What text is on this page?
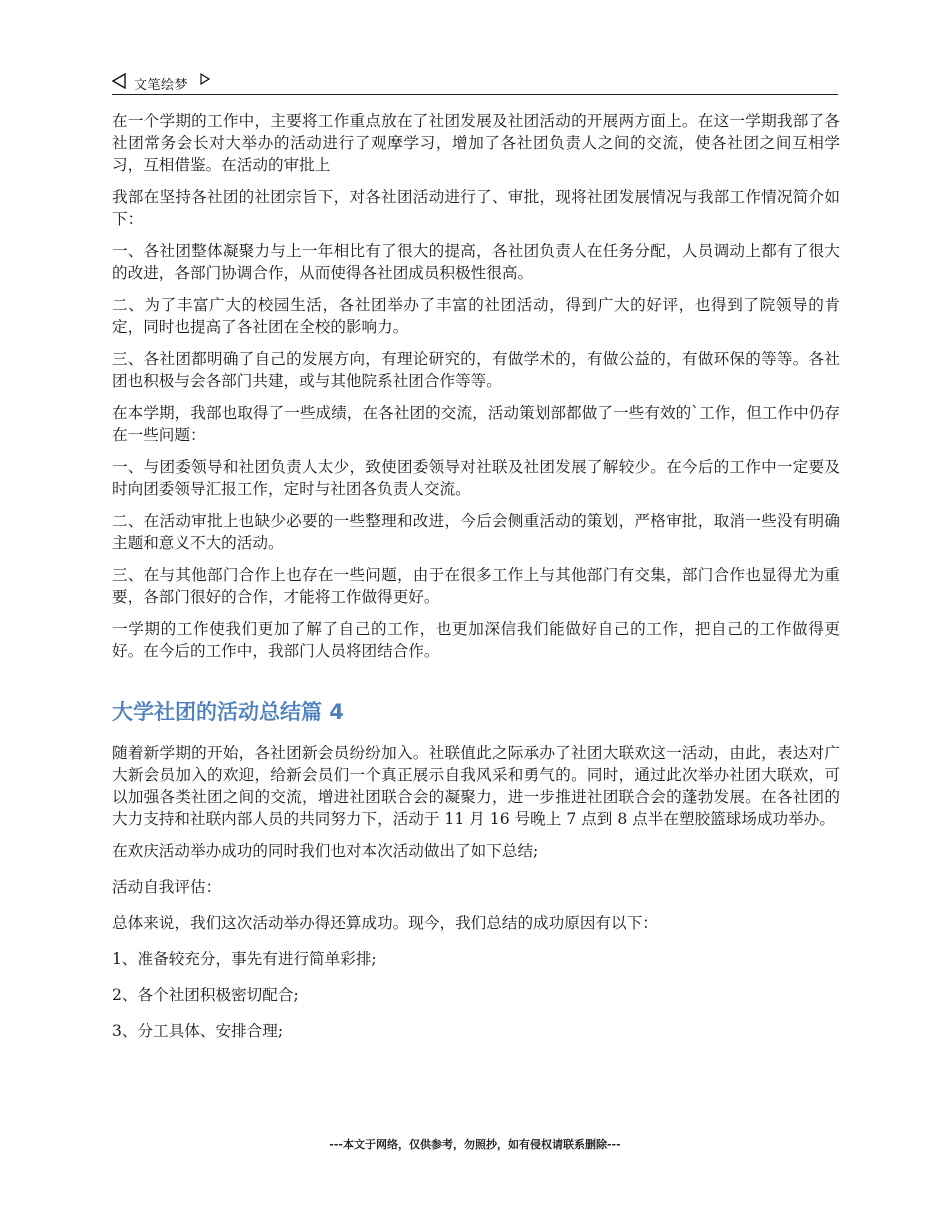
文笔绘梦

在一个学期的工作中，主要将工作重点放在了社团发展及社团活动的开展两方面上。在这一学期我部了各社团常务会长对大举办的活动进行了观摩学习，增加了各社团负责人之间的交流，使各社团之间互相学习，互相借鉴。在活动的审批上

我部在坚持各社团的社团宗旨下，对各社团活动进行了、审批，现将社团发展情况与我部工作情况简介如下：

一、各社团整体凝聚力与上一年相比有了很大的提高，各社团负责人在任务分配，人员调动上都有了很大的改进，各部门协调合作，从而使得各社团成员积极性很高。

二、为了丰富广大的校园生活，各社团举办了丰富的社团活动，得到广大的好评，也得到了院领导的肯定，同时也提高了各社团在全校的影响力。

三、各社团都明确了自己的发展方向，有理论研究的，有做学术的，有做公益的，有做环保的等等。各社团也积极与会各部门共建，或与其他院系社团合作等等。

在本学期，我部也取得了一些成绩，在各社团的交流，活动策划部都做了一些有效的`工作，但工作中仍存在一些问题：

一、与团委领导和社团负责人太少，致使团委领导对社联及社团发展了解较少。在今后的工作中一定要及时向团委领导汇报工作，定时与社团各负责人交流。

二、在活动审批上也缺少必要的一些整理和改进，今后会侧重活动的策划，严格审批，取消一些没有明确主题和意义不大的活动。

三、在与其他部门合作上也存在一些问题，由于在很多工作上与其他部门有交集，部门合作也显得尤为重要，各部门很好的合作，才能将工作做得更好。

一学期的工作使我们更加了解了自己的工作，也更加深信我们能做好自己的工作，把自己的工作做得更好。在今后的工作中，我部门人员将团结合作。

大学社团的活动总结篇 4

随着新学期的开始，各社团新会员纷纷加入。社联值此之际承办了社团大联欢这一活动，由此，表达对广大新会员加入的欢迎，给新会员们一个真正展示自我风采和勇气的。同时，通过此次举办社团大联欢，可以加强各类社团之间的交流，增进社团联合会的凝聚力，进一步推进社团联合会的蓬勃发展。在各社团的大力支持和社联内部人员的共同努力下，活动于 11 月 16 号晚上 7 点到 8 点半在塑胶篮球场成功举办。

在欢庆活动举办成功的同时我们也对本次活动做出了如下总结;

活动自我评估：

总体来说，我们这次活动举办得还算成功。现今，我们总结的成功原因有以下：

1、准备较充分，事先有进行简单彩排;

2、各个社团积极密切配合;

3、分工具体、安排合理;

---本文于网络，仅供参考，勿照抄，如有侵权请联系删除---
